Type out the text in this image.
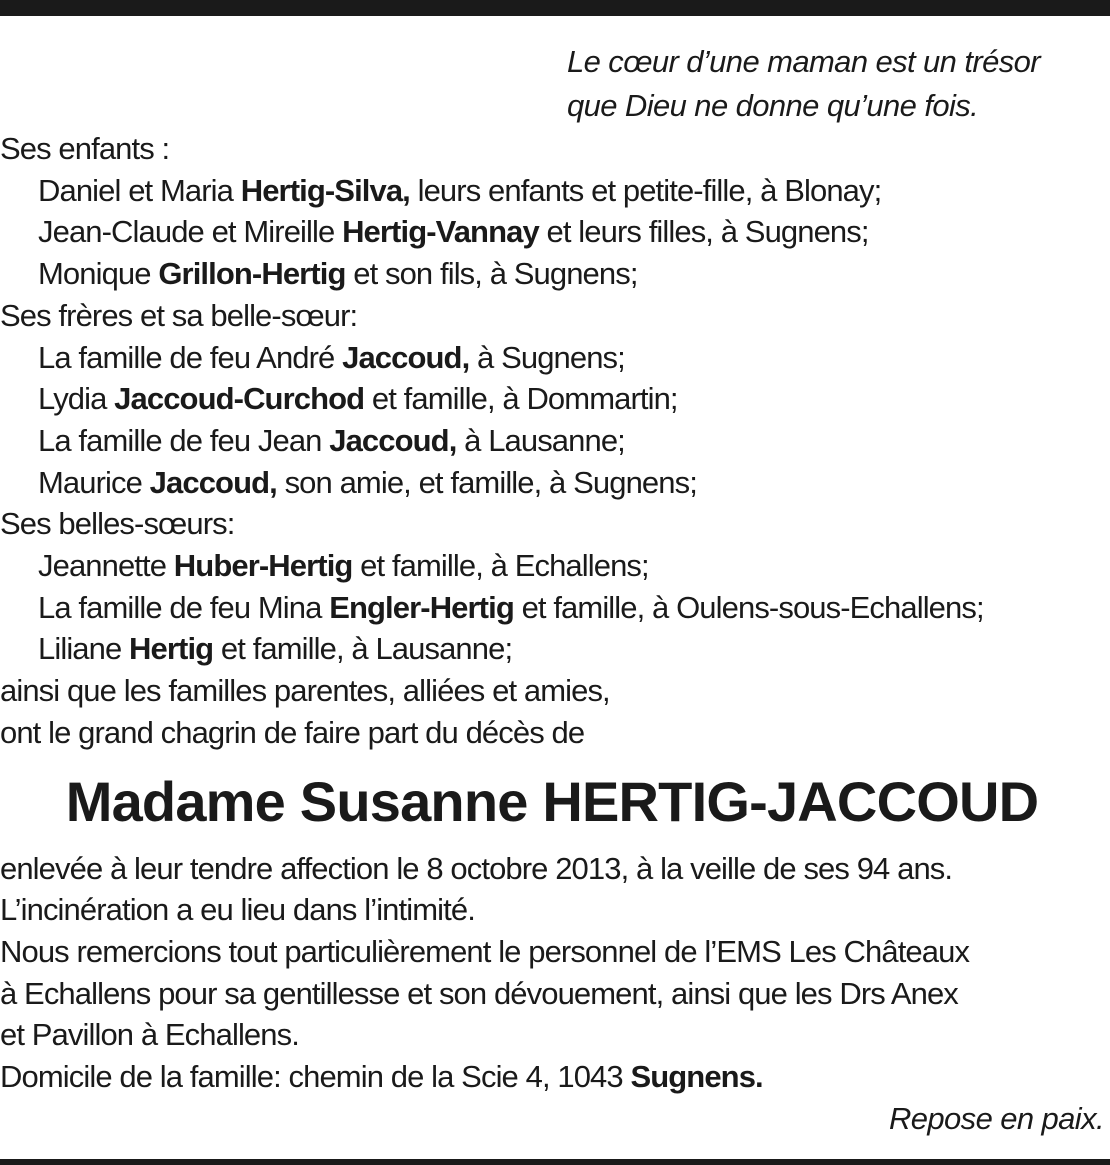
Le cœur d’une maman est un trésor
que Dieu ne donne qu’une fois.
Ses enfants :
Daniel et Maria Hertig-Silva, leurs enfants et petite-fille, à Blonay;
Jean-Claude et Mireille Hertig-Vannay et leurs filles, à Sugnens;
Monique Grillon-Hertig et son fils, à Sugnens;
Ses frères et sa belle-sœur:
La famille de feu André Jaccoud, à Sugnens;
Lydia Jaccoud-Curchod et famille, à Dommartin;
La famille de feu Jean Jaccoud, à Lausanne;
Maurice Jaccoud, son amie, et famille, à Sugnens;
Ses belles-sœurs:
Jeannette Huber-Hertig et famille, à Echallens;
La famille de feu Mina Engler-Hertig et famille, à Oulens-sous-Echallens;
Liliane Hertig et famille, à Lausanne;
ainsi que les familles parentes, alliées et amies,
ont le grand chagrin de faire part du décès de
Madame Susanne HERTIG-JACCOUD
enlevée à leur tendre affection le 8 octobre 2013, à la veille de ses 94 ans.
L’incinération a eu lieu dans l’intimité.
Nous remercions tout particulièrement le personnel de l’EMS Les Châteaux
à Echallens pour sa gentillesse et son dévouement, ainsi que les Drs Anex
et Pavillon à Echallens.
Domicile de la famille: chemin de la Scie 4, 1043 Sugnens.
Repose en paix.
